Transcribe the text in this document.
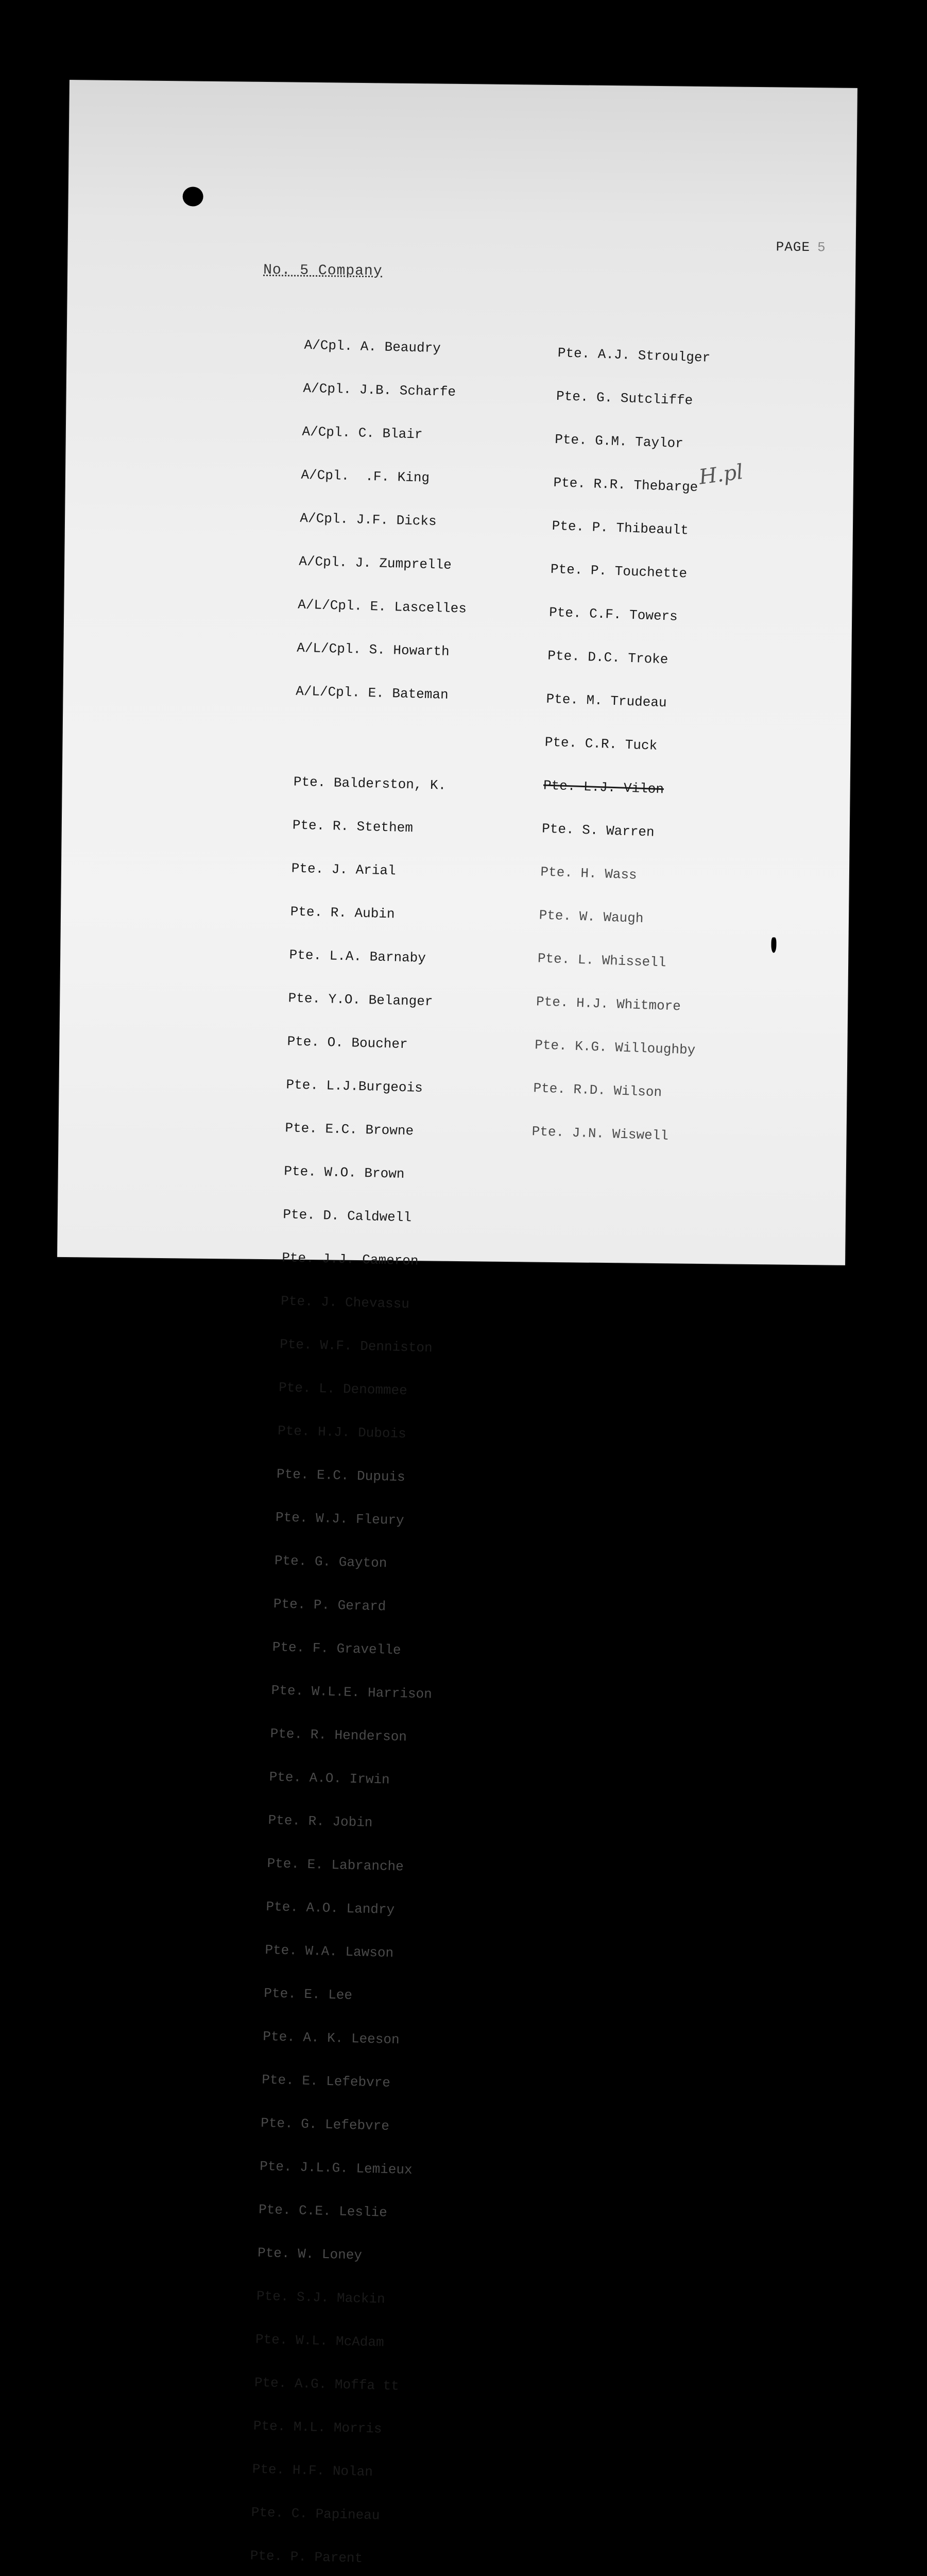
PAGE 5
No. 5 Company

A/Cpl. A. Beaudry

A/Cpl. J.B. Scharfe

A/Cpl. C. Blair

A/Cpl.  .F. King

A/Cpl. J.F. Dicks

A/Cpl. J. Zumprelle

A/L/Cpl. E. Lascelles

A/L/Cpl. S. Howarth

A/L/Cpl. E. Bateman

Pte. Balderston, K.

Pte. R. Stethem

Pte. J. Arial

Pte. R. Aubin

Pte. L.A. Barnaby

Pte. Y.O. Belanger

Pte. O. Boucher

Pte. L.J.Burgeois

Pte. E.C. Browne

Pte. W.O. Brown

Pte. D. Caldwell

Pte. J.J. Cameron

Pte. J. Chevassu

Pte. W.F. Denniston

Pte. L. Denommee

Pte. H.J. Dubois

Pte. E.C. Dupuis

Pte. W.J. Fleury

Pte. G. Gayton

Pte. P. Gerard

Pte. F. Gravelle

Pte. W.L.E. Harrison

Pte. R. Henderson

Pte. A.O. Irwin

Pte. R. Jobin

Pte. E. Labranche

Pte. A.O. Landry

Pte. W.A. Lawson

Pte. E. Lee

Pte. A. K. Leeson

Pte. E. Lefebvre

Pte. G. Lefebvre

Pte. J.L.G. Lemieux

Pte. C.E. Leslie

Pte. W. Loney

Pte. S.J. Mackin

Pte. W.L. McAdam

Pte. A.G. Moffa tt

Pte. M.L. Morris

Pte. H.F. Nolan

Pte. C. Papineau

Pte. P. Parent

Pte. A.J. Stroulger

Pte. G. Sutcliffe

Pte. G.M. Taylor

Pte. R.R. Thebarge

Pte. P. Thibeault

Pte. P. Touchette

Pte. C.F. Towers

Pte. D.C. Troke

Pte. M. Trudeau

Pte. C.R. Tuck

Pte. L.J. Vilon

Pte. S. Warren

Pte. H. Wass

Pte. W. Waugh

Pte. L. Whissell

Pte. H.J. Whitmore

Pte. K.G. Willoughby

Pte. R.D. Wilson

Pte. J.N. Wiswell

H.pl
